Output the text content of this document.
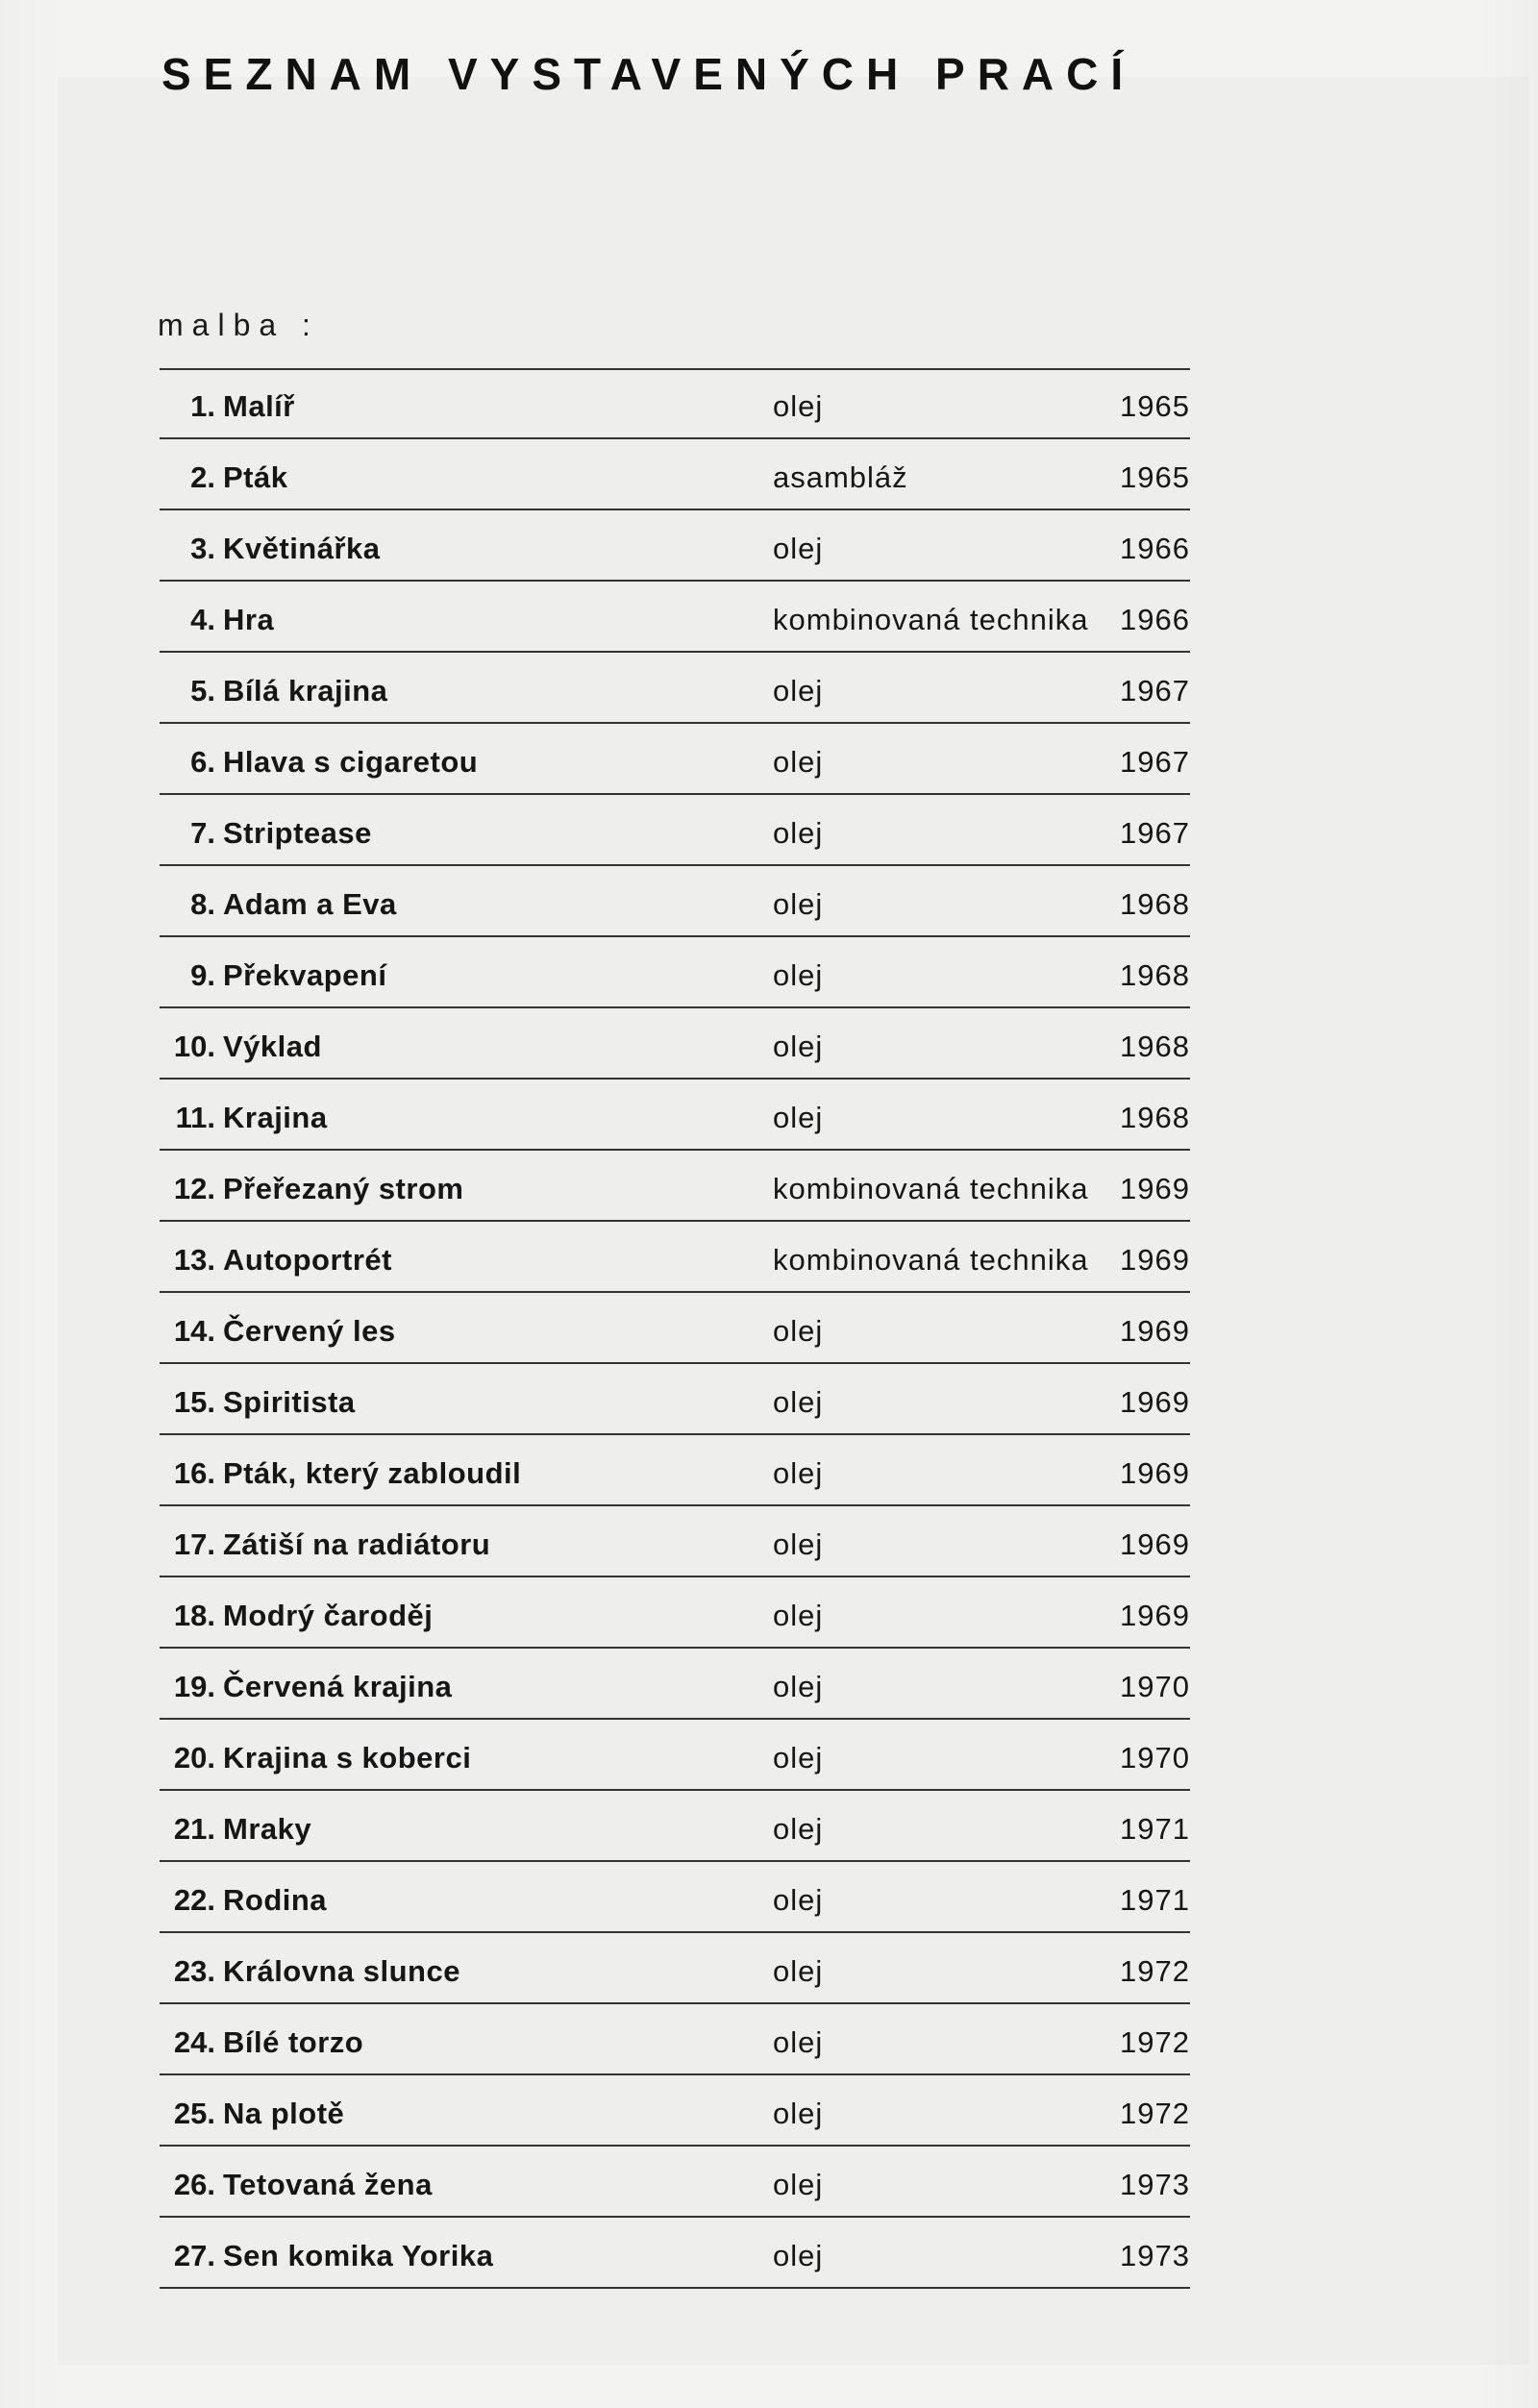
SEZNAM VYSTAVENÝCH PRACÍ
malba :
1. Malíř	olej	1965
2. Pták	asambláž	1965
3. Květinářka	olej	1966
4. Hra	kombinovaná technika 1966
5. Bílá krajina	olej	1967
6. Hlava s cigaretou	olej	1967
7. Striptease	olej	1967
8. Adam a Eva	olej	1968
9. Překvapení	olej	1968
10. Výklad	olej	1968
11. Krajina	olej	1968
12. Přeřezaný strom	kombinovaná technika 1969
13. Autoportrét	kombinovaná technika 1969
14. Červený les	olej	1969
15. Spiritista	olej	1969
16. Pták, který zabloudil	olej	1969
17. Zátiší na radiátoru	olej	1969
18. Modrý čaroděj	olej	1969
19. Červená krajina	olej	1970
20. Krajina s koberci	olej	1970
21. Mraky	olej	1971
22. Rodina	olej	1971
23. Královna slunce	olej	1972
24. Bílé torzo	olej	1972
25. Na plotě	olej	1972
26. Tetovaná žena	olej	1973
27. Sen komika Yorika	olej	1973
